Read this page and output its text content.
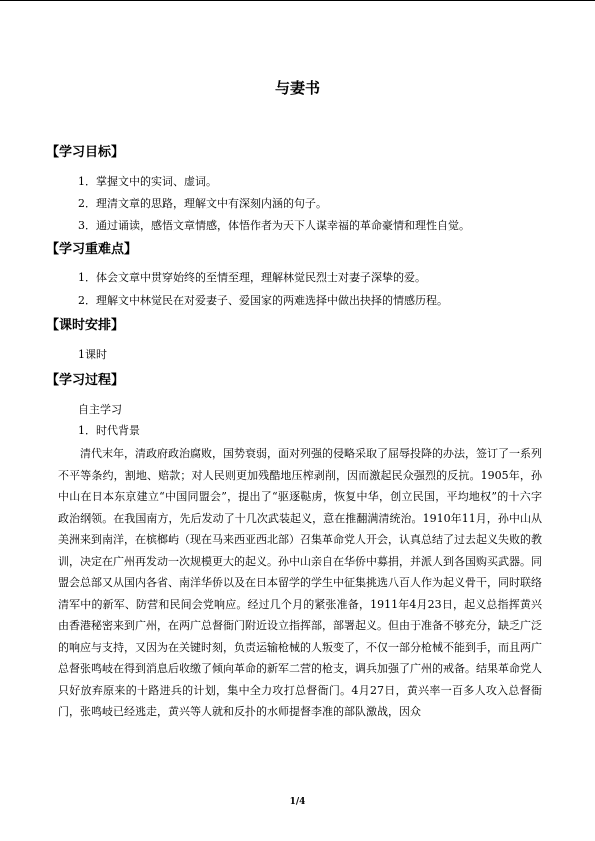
与妻书
【学习目标】
1．掌握文中的实词、虚词。
2．理清文章的思路，理解文中有深刻内涵的句子。
3．通过诵读，感悟文章情感，体悟作者为天下人谋幸福的革命豪情和理性自觉。
【学习重难点】
1．体会文章中贯穿始终的至情至理，理解林觉民烈士对妻子深挚的爱。
2．理解文中林觉民在对爱妻子、爱国家的两难选择中做出抉择的情感历程。
【课时安排】
1课时
【学习过程】
自主学习
1．时代背景
清代末年，清政府政治腐败，国势衰弱，面对列强的侵略采取了屈辱投降的办法，签订了一系列不平等条约，割地、赔款；对人民则更加残酷地压榨剥削，因而激起民众强烈的反抗。1905年，孙中山在日本东京建立“中国同盟会”，提出了“驱逐鞑虏，恢复中华，创立民国，平均地权”的十六字政治纲领。在我国南方，先后发动了十几次武装起义，意在推翻满清统治。1910年11月，孙中山从美洲来到南洋，在槟榔屿（现在马来西亚西北部）召集革命党人开会，认真总结了过去起义失败的教训，决定在广州再发动一次规模更大的起义。孙中山亲自在华侨中募捐，并派人到各国购买武器。同盟会总部又从国内各省、南洋华侨以及在日本留学的学生中征集挑选八百人作为起义骨干，同时联络清军中的新军、防营和民间会党响应。经过几个月的紧张准备，1911年4月23日，起义总指挥黄兴由香港秘密来到广州，在两广总督衙门附近设立指挥部，部署起义。但由于准备不够充分，缺乏广泛的响应与支持，又因为在关键时刻，负责运输枪械的人叛变了，不仅一部分枪械不能到手，而且两广总督张鸣岐在得到消息后收缴了倾向革命的新军二营的枪支，调兵加强了广州的戒备。结果革命党人只好放弃原来的十路进兵的计划，集中全力攻打总督衙门。4月27日，黄兴率一百多人攻入总督衙门，张鸣岐已经逃走，黄兴等人就和反扑的水师提督李准的部队激战，因众
1/4
